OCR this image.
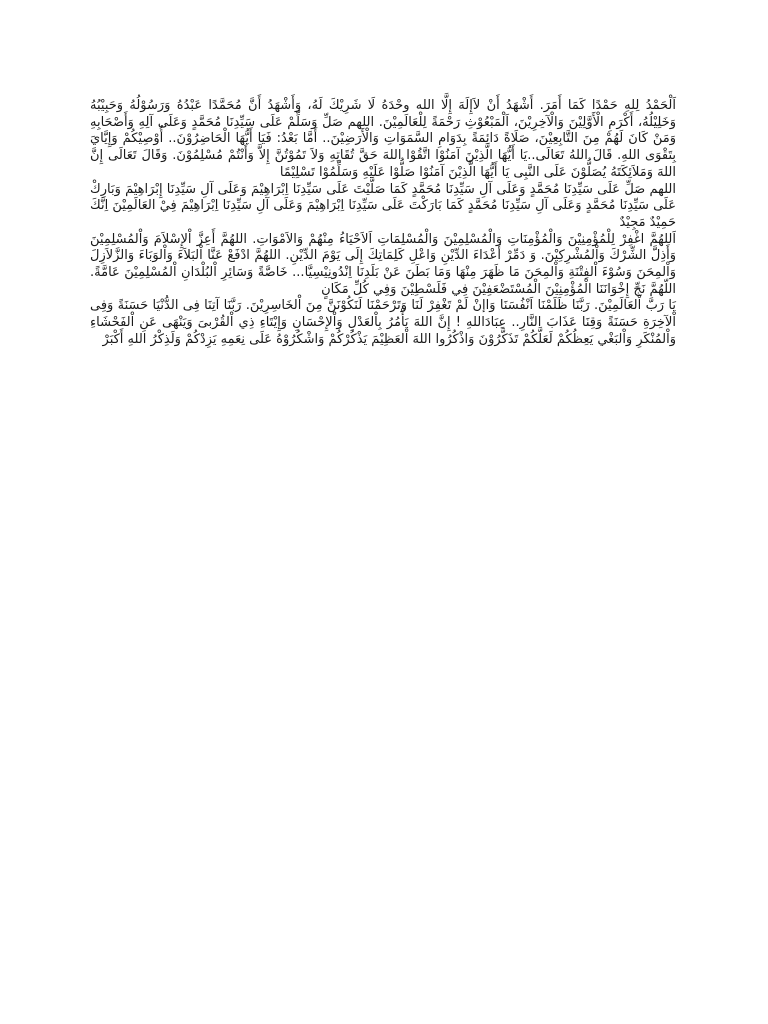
اَلْحَمْدُ لِلهِ حَمْدًا كَمَا أَمَرَ. أَشْهَدُ أَنْ لاَإِلَهَ إِلَّا الله وحْدَهُ لَا شَرِيْكَ لَهُ، وَأَشْهَدُ أَنَّ مُحَمَّدًا عَبْدُهُ وَرَسُوْلُهُ وَحَبِيْبُهُ وَخَلِيْلُهُ، أَكْرَمِ الْأَوَّلِيْنَ وَالْآخِرِيْنَ، اَلْمَبْعُوْثِ رَحْمَةً لِلْعَالَمِيْنَ. اللهم صَلِّ وَسَلِّمْ عَلَى سَيِّدِنَا مُحَمَّدٍ وَعَلَى آلِهِ وَأَصْحَابِهِ وَمَنْ كَانَ لَهُمْ مِنَ التَّابِعِيْنَ، صَلَاةً دَائِمَةً بِدَوَامِ السَّمَوَاتِ وَالْأَرَضِيْنَ.. أَمَّا بَعْدُ: فَيَا أَيُّهَا الْحَاضِرُوْنَ.. أُوْصِيْكُمْ وَإِيَّايَ بِتَقْوَى اللهِ. قَالَ اللهُ تَعَالَى..يَا أَيُّهَا الَّذِيْنَ آمَنُوْا اتَّقُوْا اللهَ حَقَّ تُقَاتِهِ وَلاَ تَمُوْتُنَّ إِلاَّ وَأَنْتُمْ مُسْلِمُوْنَ. وَقَالَ تَعَالَى إِنَّ اللهَ وَمَلاَئِكَتَهُ يُصَلُّوْنَ عَلَى النَّبِى يَا أَيُّهَا الَّذِيْنَ آمَنُوْا صَلُّوْا عَلَيْهِ وَسَلِّمُوْا تَسْلِيْمًا

اللهم صَلِّ عَلَى سَيِّدِنَا مُحَمَّدٍ وَعَلَى آلِ سَيِّدِنَا مُحَمَّدٍ كَمَا صَلَّيْتَ عَلَى سَيِّدِنَا اِبْرَاهِيْمَ وَعَلَى آلِ سَيِّدِنَا إِبْرَاهِيْمَ وَبَارِكْ عَلَى سَيِّدِنَا مُحَمَّدٍ وَعَلَى آلِ سَيِّدِنَا مُحَمَّدٍ كَمَا بَارَكْتَ عَلَى سَيِّدِنَا اِبْرَاهِيْمَ وَعَلَى آلِ سَيِّدِنَا اِبْرَاهِيْمَ فِيْ العَالَمِيْنَ اِنَّكَ حَمِيْدٌ مَجِيْدٌ

اَللهُمَّ اغْفِرْ لِلْمُؤْمِنِيْنَ وَالْمُؤْمِنَاتِ وَالْمُسْلِمِيْنَ وَالْمُسْلِمَاتِ اَلاَحْيَاءُ مِنْهُمْ وَالاَمْوَاتِ. اللهُمَّ أَعِزَّ اْلإِسْلاَمَ وَاْلمُسْلِمِيْنَ وَأَذِلَّ الشِّرْكَ وَاْلمُشْرِكِيْنَ. وَ دَمِّرْ أَعْدَاءَ الدِّيْنِ وَاعْلِ كَلِمَاتِكَ إِلَى يَوْمَ الدِّيْنِ. اللهُمَّ ادْفَعْ عَنَّا اْلبَلاَءَ وَاْلوَبَاءَ وَالزَّلاَزِلَ وَاْلمِحَنَ وَسُوْءَ اْلفِتْنَةِ وَاْلمِحَنَ مَا ظَهَرَ مِنْهَا وَمَا بَطَنَ عَنْ بَلَدِنَا اِنْدُونِيْسِيَّا... خَاصَّةً وَسَائِرِ اْلبُلْدَانِ اْلمُسْلِمِيْنَ عَامَّةً. اللّهُمَّ نَجِّ إِخْوَانَنَا الْمُؤْمِنِيْنَ الْمُسْتَضْعَفِيْنَ فِي فَلَسْطِيْنَ وَفِي كُلِّ مَكَانٍ

يَا رَبَّ اْلعَالَمِيْنَ. رَبَّنَا ظَلَمْنَا اَنْفُسَنَا وَاإنْ لَمْ تَغْفِرْ لَنَا وَتَرْحَمْنَا لَنَكُوْنَنَّ مِنَ اْلخَاسِرِيْنَ. رَبَّنَا آتِنَا فِى الدُّنْيَا حَسَنَةً وَفِى اْلآخِرَةِ حَسَنَةً وَقِنَا عَذَابَ النَّارِ.. عِبَادَاللهِ ! إِنَّ اللهَ يَأْمُرُ بِاْلعَدْلِ وَاْلإِحْسَانِ وَإِيْتَاءِ ذِي اْلقُرْبىَ وَيَنْهَى عَنِ اْلفَحْشَاءِ وَاْلمُنْكَرِ وَاْلبَغْي يَعِظُكُمْ لَعَلَّكُمْ تَذَكَّرُوْنَ وَاذْكُرُوا اللهَ اْلعَظِيْمَ يَذْكُرْكُمْ وَاشْكُرُوْهُ عَلَى نِعَمِهِ يَزِدْكُمْ وَلَذِكْرُ اللهِ أَكْبَرْ
